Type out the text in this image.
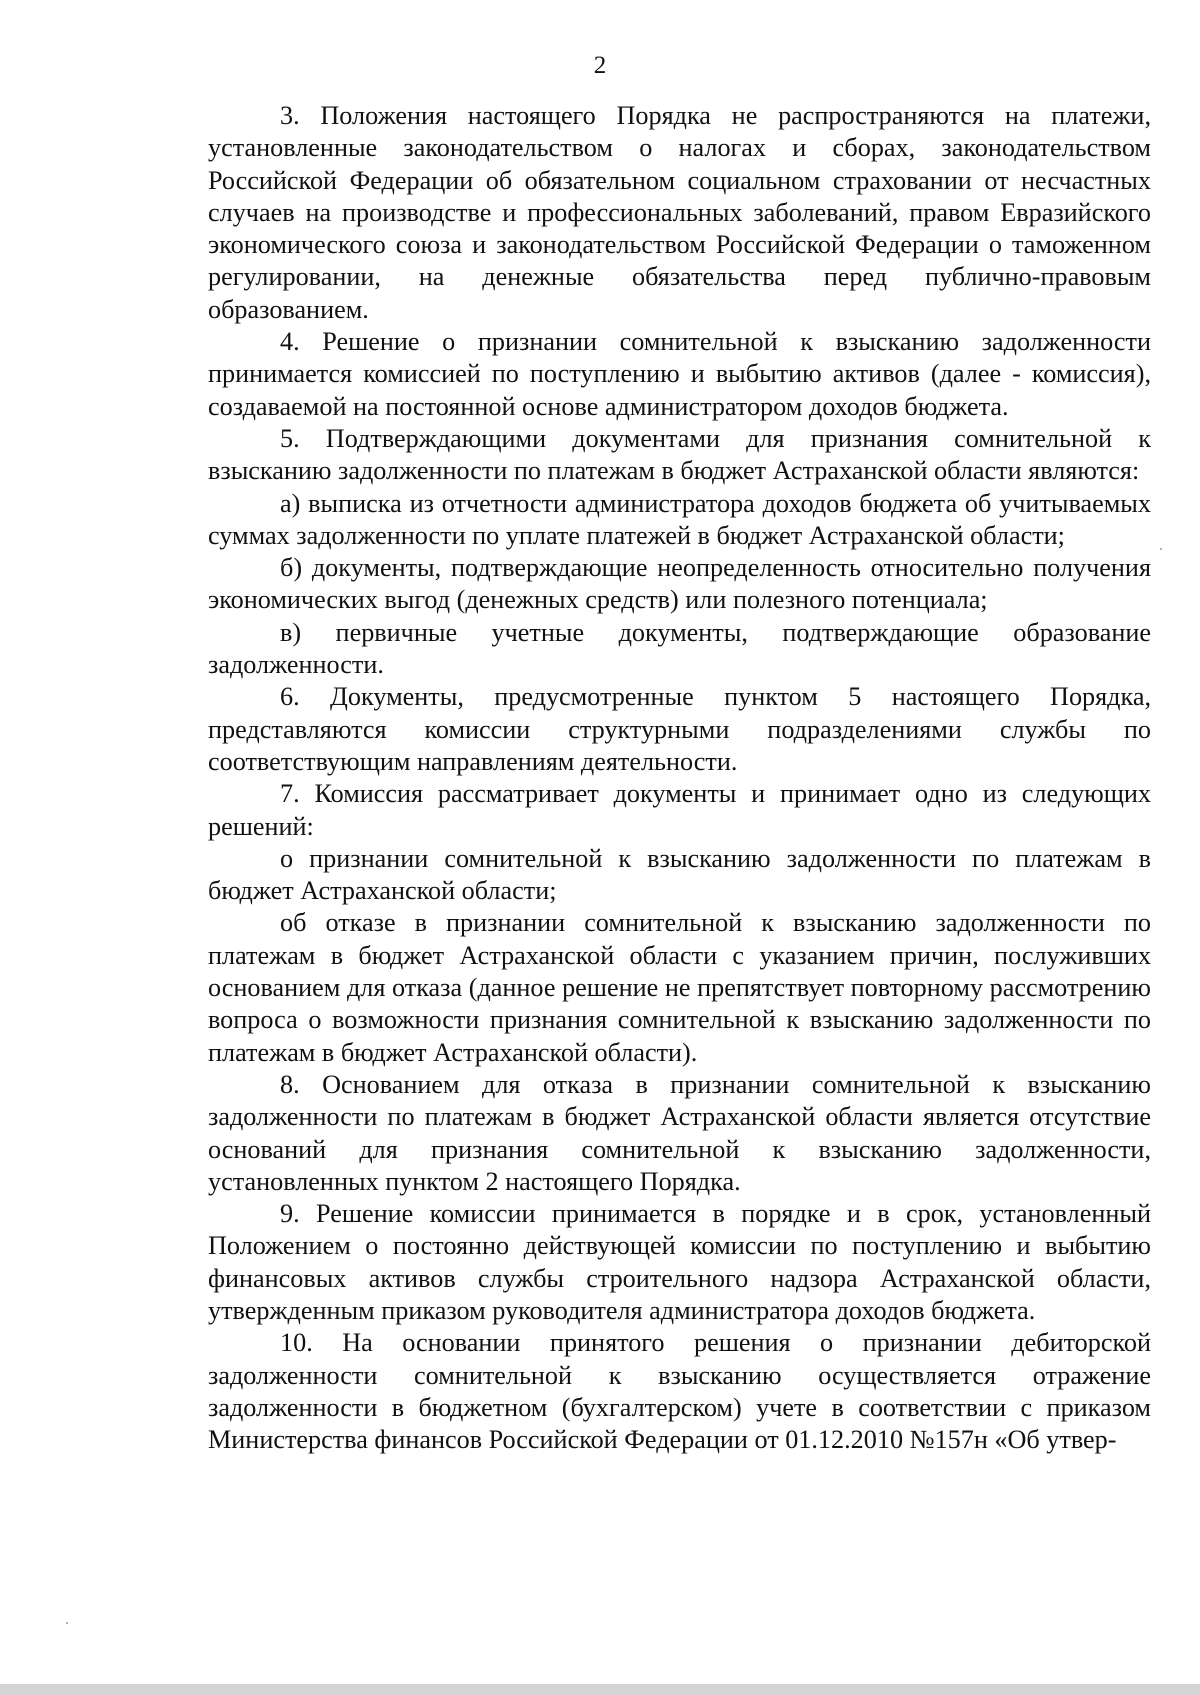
2

3. Положения настоящего Порядка не распространяются на платежи, установленные законодательством о налогах и сборах, законодательством Российской Федерации об обязательном социальном страховании от несчастных случаев на производстве и профессиональных заболеваний, правом Евразийского экономического союза и законодательством Российской Федерации о таможенном регулировании, на денежные обязательства перед публично-правовым образованием.

4. Решение о признании сомнительной к взысканию задолженности принимается комиссией по поступлению и выбытию активов (далее - комиссия), создаваемой на постоянной основе администратором доходов бюджета.

5. Подтверждающими документами для признания сомнительной к взысканию задолженности по платежам в бюджет Астраханской области являются:

а) выписка из отчетности администратора доходов бюджета об учитываемых суммах задолженности по уплате платежей в бюджет Астраханской области;

б) документы, подтверждающие неопределенность относительно получения экономических выгод (денежных средств) или полезного потенциала;

в) первичные учетные документы, подтверждающие образование задолженности.

6. Документы, предусмотренные пунктом 5 настоящего Порядка, представляются комиссии структурными подразделениями службы по соответствующим направлениям деятельности.

7. Комиссия рассматривает документы и принимает одно из следующих решений:

о признании сомнительной к взысканию задолженности по платежам в бюджет Астраханской области;

об отказе в признании сомнительной к взысканию задолженности по платежам в бюджет Астраханской области с указанием причин, послуживших основанием для отказа (данное решение не препятствует повторному рассмотрению вопроса о возможности признания сомнительной к взысканию задолженности по платежам в бюджет Астраханской области).

8. Основанием для отказа в признании сомнительной к взысканию задолженности по платежам в бюджет Астраханской области является отсутствие оснований для признания сомнительной к взысканию задолженности, установленных пунктом 2 настоящего Порядка.

9. Решение комиссии принимается в порядке и в срок, установленный Положением о постоянно действующей комиссии по поступлению и выбытию финансовых активов службы строительного надзора Астраханской области, утвержденным приказом руководителя администратора доходов бюджета.

10. На основании принятого решения о признании дебиторской задолженности сомнительной к взысканию осуществляется отражение задолженности в бюджетном (бухгалтерском) учете в соответствии с приказом Министерства финансов Российской Федерации от 01.12.2010 №157н «Об утвер-
